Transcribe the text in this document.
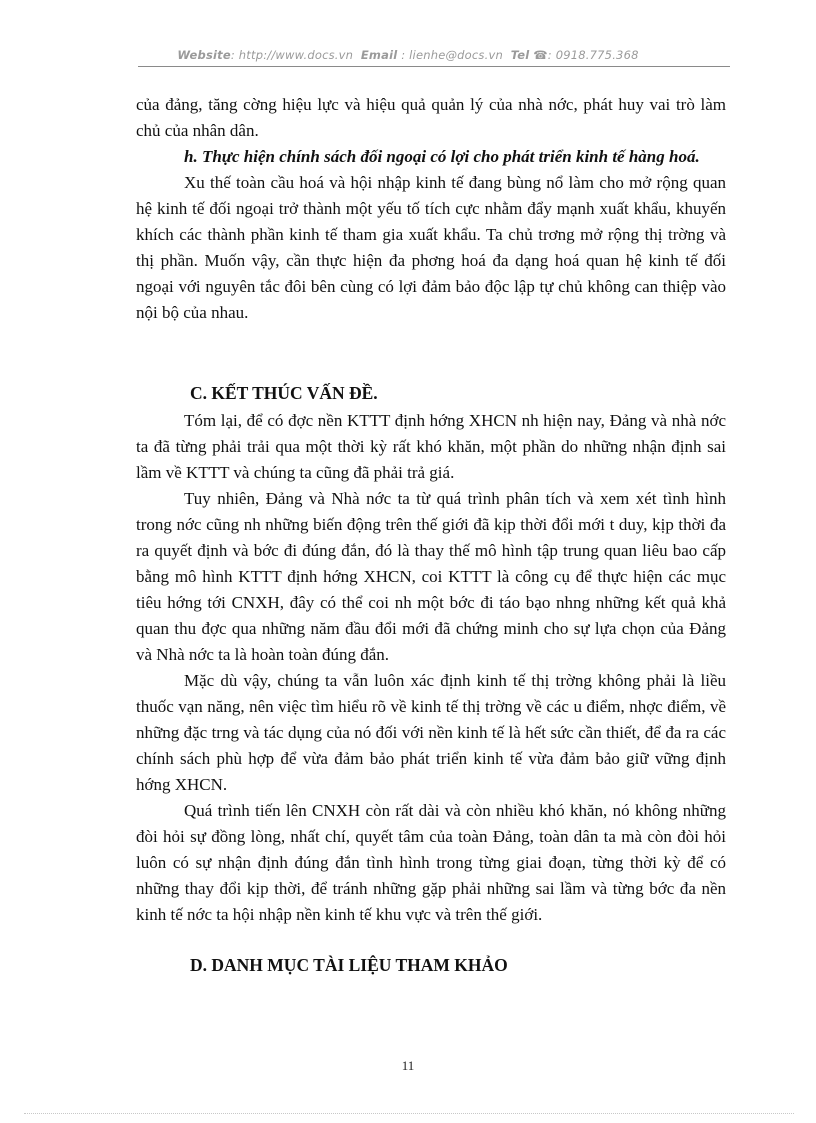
Website: http://www.docs.vn Email : lienhe@docs.vn Tel ☎: 0918.775.368

của đảng, tăng cờng hiệu lực và hiệu quả quản lý của nhà nớc, phát huy vai trò làm chủ của nhân dân.

h. Thực hiện chính sách đối ngoại có lợi cho phát triển kinh tế hàng hoá.

Xu thế toàn cầu hoá và hội nhập kinh tế đang bùng nổ làm cho mở rộng quan hệ kinh tế đối ngoại trở thành một yếu tố tích cực nhằm đẩy mạnh xuất khẩu, khuyến khích các thành phần kinh tế tham gia xuất khẩu. Ta chủ trơng mở rộng thị trờng và thị phần. Muốn vậy, cần thực hiện đa phơng hoá đa dạng hoá quan hệ kinh tế đối ngoại với nguyên tắc đôi bên cùng có lợi đảm bảo độc lập tự chủ không can thiệp vào nội bộ của nhau.

C. KẾT THÚC VẤN ĐỀ.

Tóm lại, để có đợc nền KTTT định hớng XHCN nh hiện nay, Đảng và nhà nớc ta đã từng phải trải qua một thời kỳ rất khó khăn, một phần do những nhận định sai lầm về KTTT và chúng ta cũng đã phải trả giá.

Tuy nhiên, Đảng và Nhà nớc ta từ quá trình phân tích và xem xét tình hình trong nớc cũng nh những biến động trên thế giới đã kịp thời đổi mới t duy, kịp thời đa ra quyết định và bớc đi đúng đắn, đó là thay thế mô hình tập trung quan liêu bao cấp bằng mô hình KTTT định hớng XHCN, coi KTTT là công cụ để thực hiện các mục tiêu hớng tới CNXH, đây có thể coi nh một bớc đi táo bạo nhng những kết quả khả quan thu đợc qua những năm đầu đổi mới đã chứng minh cho sự lựa chọn của Đảng và Nhà nớc ta là hoàn toàn đúng đắn.

Mặc dù vậy, chúng ta vẫn luôn xác định kinh tế thị trờng không phải là liều thuốc vạn năng, nên việc tìm hiểu rõ về kinh tế thị trờng về các u điểm, nhợc điểm, về những đặc trng và tác dụng của nó đối với nền kinh tế là hết sức cần thiết, để đa ra các chính sách phù hợp để vừa đảm bảo phát triển kinh tế vừa đảm bảo giữ vững định hớng XHCN.

Quá trình tiến lên CNXH còn rất dài và còn nhiều khó khăn, nó không những đòi hỏi sự đồng lòng, nhất chí, quyết tâm của toàn Đảng, toàn dân ta mà còn đòi hỏi luôn có sự nhận định đúng đắn tình hình trong từng giai đoạn, từng thời kỳ để có những thay đổi kịp thời, để tránh những gặp phải những sai lầm và từng bớc đa nền kinh tế nớc ta hội nhập nền kinh tế khu vực và trên thế giới.

D. DANH MỤC TÀI LIỆU THAM KHẢO
11
